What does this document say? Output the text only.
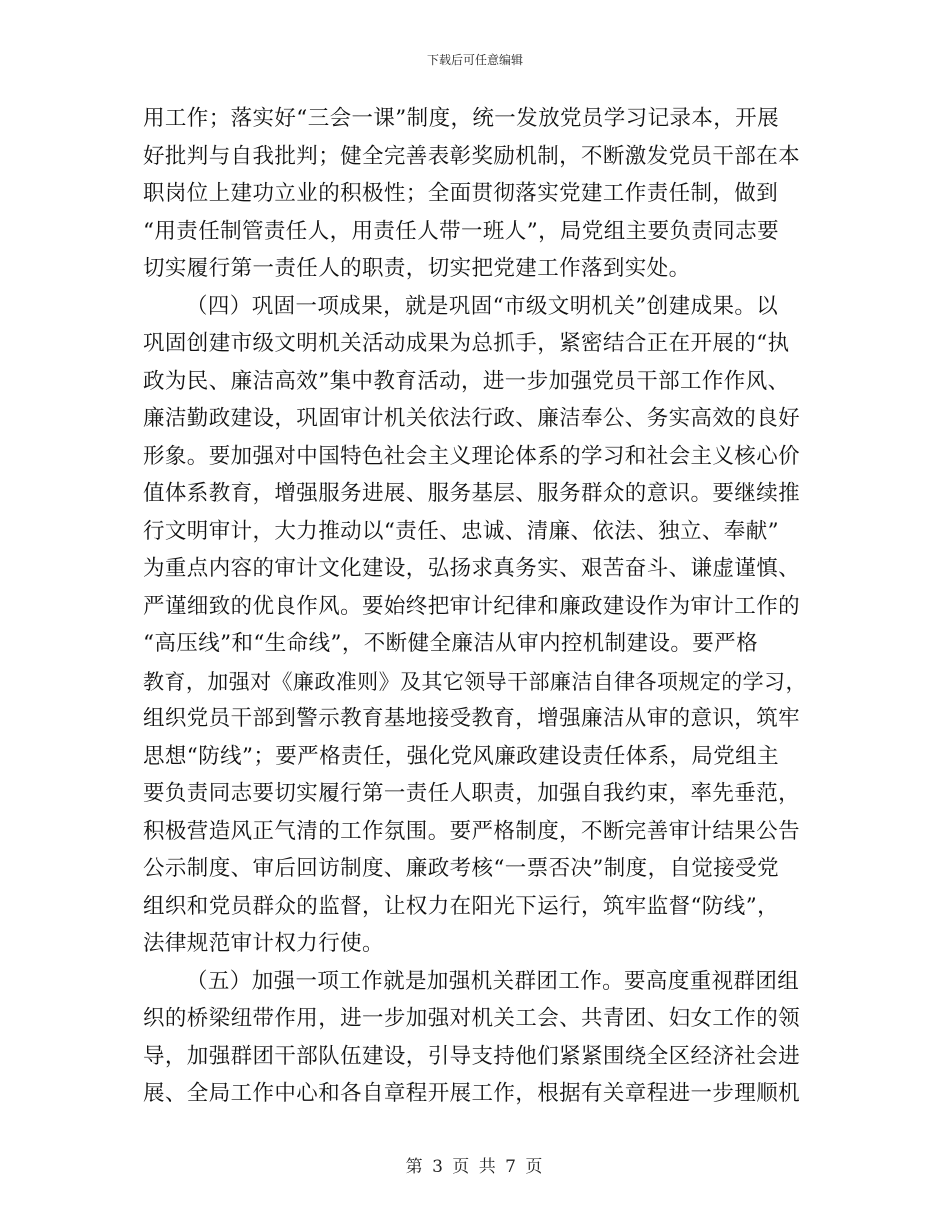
下载后可任意编辑

用工作；落实好“三会一课”制度，统一发放党员学习记录本，开展
好批判与自我批判；健全完善表彰奖励机制，不断激发党员干部在本
职岗位上建功立业的积极性；全面贯彻落实党建工作责任制，做到
“用责任制管责任人，用责任人带一班人”，局党组主要负责同志要
切实履行第一责任人的职责，切实把党建工作落到实处。

（四）巩固一项成果，就是巩固“市级文明机关”创建成果。以
巩固创建市级文明机关活动成果为总抓手，紧密结合正在开展的“执
政为民、廉洁高效”集中教育活动，进一步加强党员干部工作作风、
廉洁勤政建设，巩固审计机关依法行政、廉洁奉公、务实高效的良好
形象。要加强对中国特色社会主义理论体系的学习和社会主义核心价
值体系教育，增强服务进展、服务基层、服务群众的意识。要继续推
行文明审计，大力推动以“责任、忠诚、清廉、依法、独立、奉献”
为重点内容的审计文化建设，弘扬求真务实、艰苦奋斗、谦虚谨慎、
严谨细致的优良作风。要始终把审计纪律和廉政建设作为审计工作的
“高压线”和“生命线”，不断健全廉洁从审内控机制建设。要严格
教育，加强对《廉政准则》及其它领导干部廉洁自律各项规定的学习，
组织党员干部到警示教育基地接受教育，增强廉洁从审的意识，筑牢
思想“防线”；要严格责任，强化党风廉政建设责任体系，局党组主
要负责同志要切实履行第一责任人职责，加强自我约束，率先垂范，
积极营造风正气清的工作氛围。要严格制度，不断完善审计结果公告
公示制度、审后回访制度、廉政考核“一票否决”制度，自觉接受党
组织和党员群众的监督，让权力在阳光下运行，筑牢监督“防线”，
法律规范审计权力行使。

（五）加强一项工作就是加强机关群团工作。要高度重视群团组
织的桥梁纽带作用，进一步加强对机关工会、共青团、妇女工作的领
导，加强群团干部队伍建设，引导支持他们紧紧围绕全区经济社会进
展、全局工作中心和各自章程开展工作，根据有关章程进一步理顺机

第 3 页 共 7 页
